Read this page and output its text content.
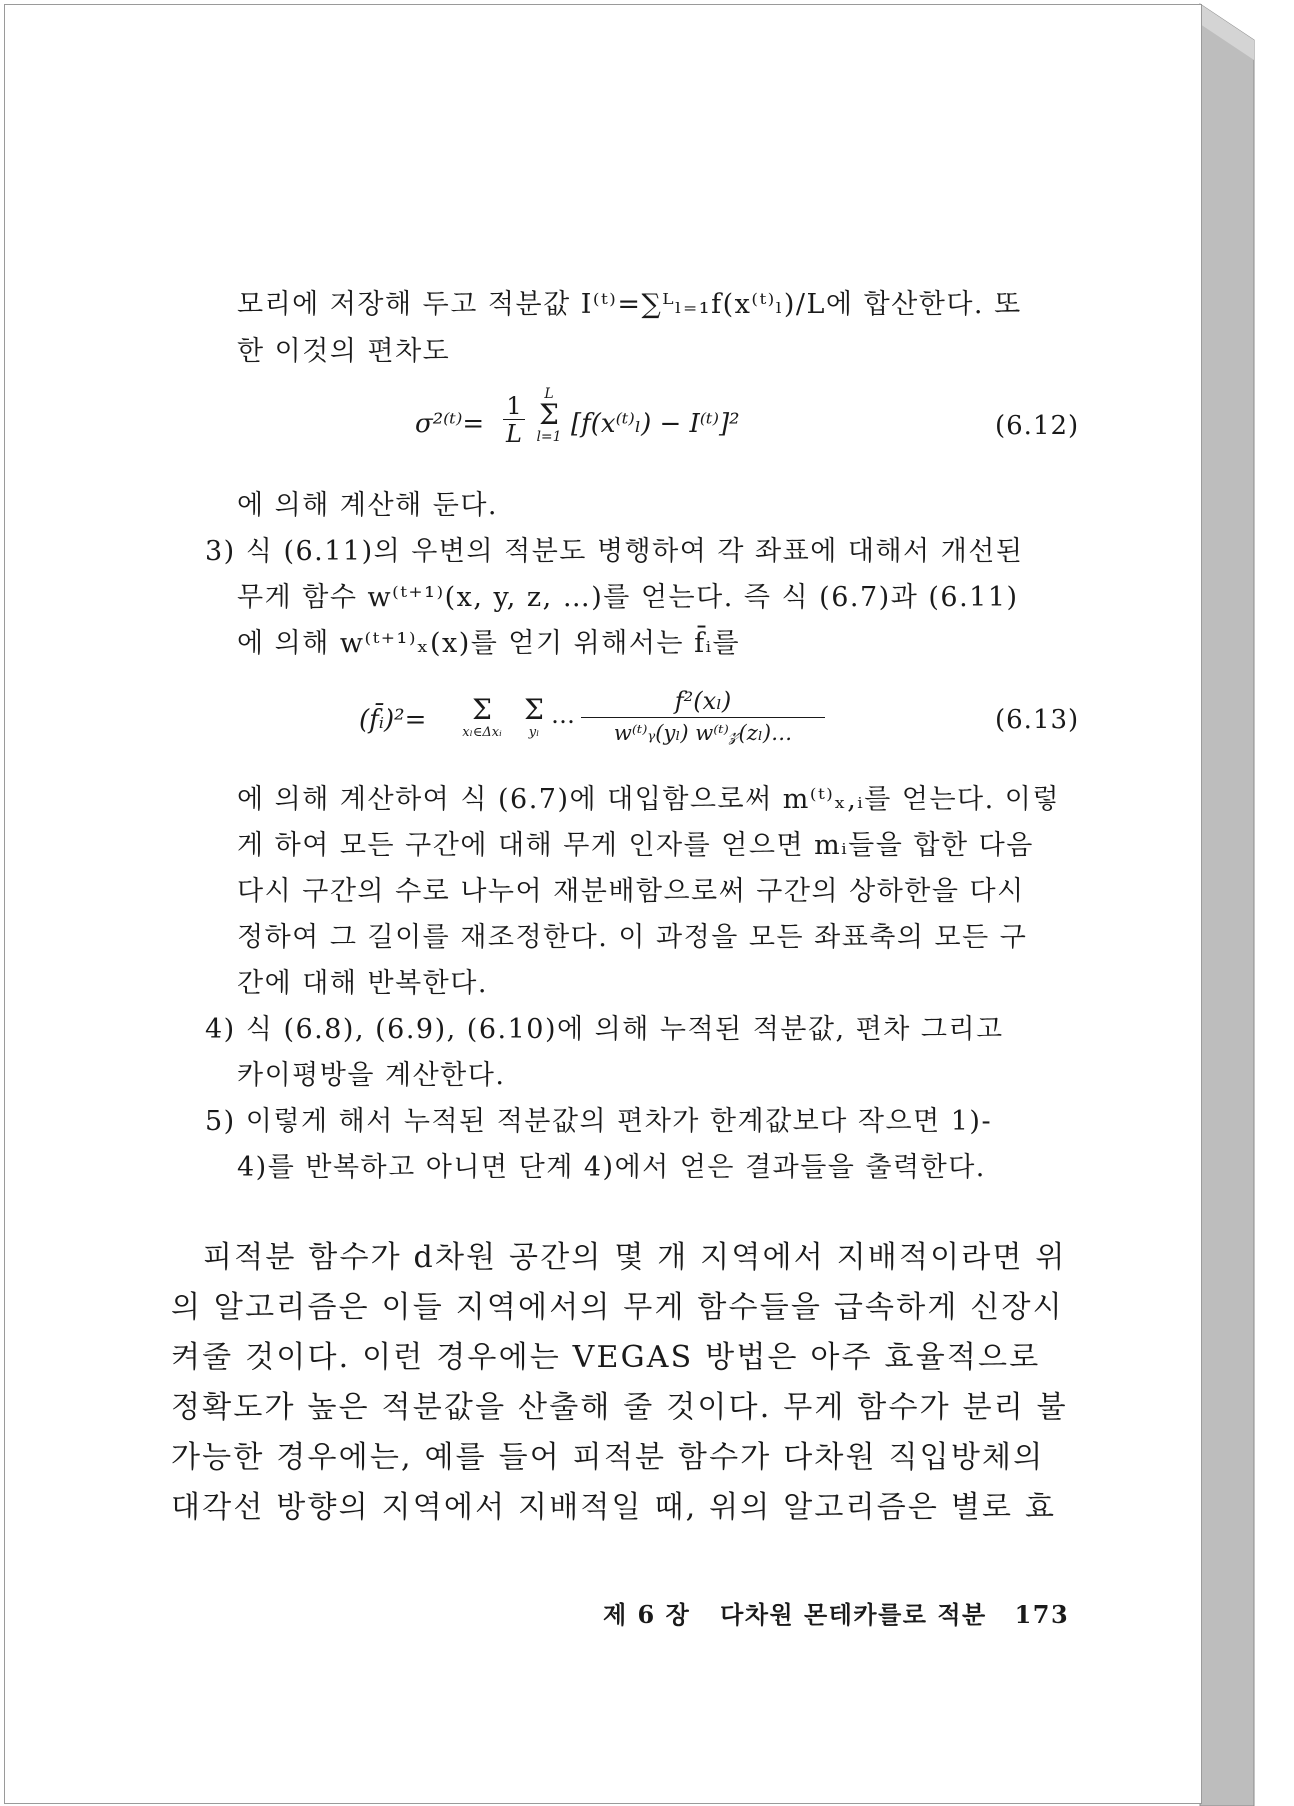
모리에 저장해 두고 적분값 I⁽ᵗ⁾=∑ᴸₗ₌₁f(x⁽ᵗ⁾ₗ)/L에 합산한다. 또
한 이것의 편차도
σ²⁽ᵗ⁾=
1
L
L
Σ
l=1 [f(x⁽ᵗ⁾ₗ) − I⁽ᵗ⁾]²	(6.12)
에 의해 계산해 둔다.
3) 식 (6.11)의 우변의 적분도 병행하여 각 좌표에 대해서 개선된
무게 함수 w⁽ᵗ⁺¹⁾(x, y, z, …)를 얻는다. 즉 식 (6.7)과 (6.11)
에 의해 w⁽ᵗ⁺¹⁾ₓ(x)를 얻기 위해서는 f̄ᵢ를
(f̄ᵢ)²=	Σ
xₗ∈Δxᵢ
Σ
yₗ
…	f²(xₗ)
w⁽ᵗ⁾ᵧ(yₗ) w⁽ᵗ⁾𝓏(zₗ)…	(6.13)
에 의해 계산하여 식 (6.7)에 대입함으로써 m⁽ᵗ⁾ₓ,ᵢ를 얻는다. 이렇
게 하여 모든 구간에 대해 무게 인자를 얻으면 mᵢ들을 합한 다음
다시 구간의 수로 나누어 재분배함으로써 구간의 상하한을 다시
정하여 그 길이를 재조정한다. 이 과정을 모든 좌표축의 모든 구
간에 대해 반복한다.
4) 식 (6.8), (6.9), (6.10)에 의해 누적된 적분값, 편차 그리고
카이평방을 계산한다.
5) 이렇게 해서 누적된 적분값의 편차가 한계값보다 작으면 1)-
4)를 반복하고 아니면 단계 4)에서 얻은 결과들을 출력한다.
피적분 함수가 d차원 공간의 몇 개 지역에서 지배적이라면 위
의 알고리즘은 이들 지역에서의 무게 함수들을 급속하게 신장시
켜줄 것이다. 이런 경우에는 VEGAS 방법은 아주 효율적으로
정확도가 높은 적분값을 산출해 줄 것이다. 무게 함수가 분리 불
가능한 경우에는, 예를 들어 피적분 함수가 다차원 직입방체의
대각선 방향의 지역에서 지배적일 때, 위의 알고리즘은 별로 효
제 6 장 다차원 몬테카를로 적분 173
